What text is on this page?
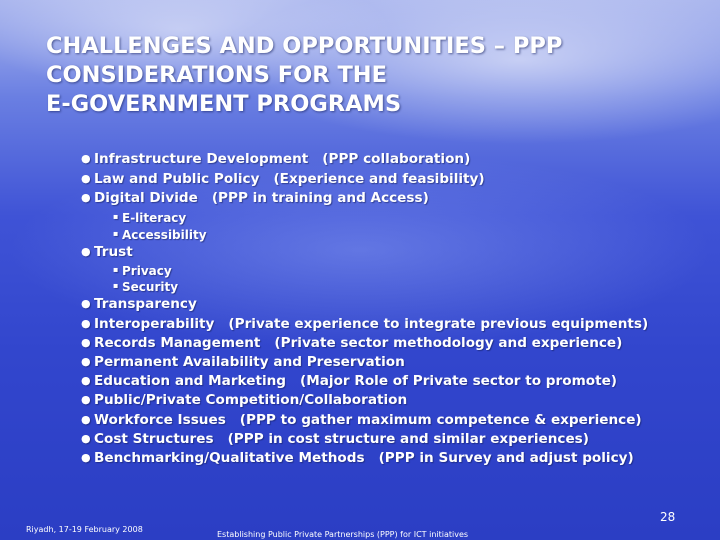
CHALLENGES AND OPPORTUNITIES – PPP
CONSIDERATIONS FOR THE
E-GOVERNMENT PROGRAMS
● Infrastructure Development (PPP collaboration)
● Law and Public Policy (Experience and feasibility)
● Digital Divide (PPP in training and Access)
▪ E-literacy
▪ Accessibility
● Trust
▪ Privacy
▪ Security
● Transparency
● Interoperability (Private experience to integrate previous equipments)
● Records Management (Private sector methodology and experience)
● Permanent Availability and Preservation
● Education and Marketing (Major Role of Private sector to promote)
● Public/Private Competition/Collaboration
● Workforce Issues (PPP to gather maximum competence & experience)
● Cost Structures (PPP in cost structure and similar experiences)
● Benchmarking/Qualitative Methods (PPP in Survey and adjust policy)
28
Riyadh, 17-19 February 2008
Establishing Public Private Partnerships (PPP) for ICT initiatives
